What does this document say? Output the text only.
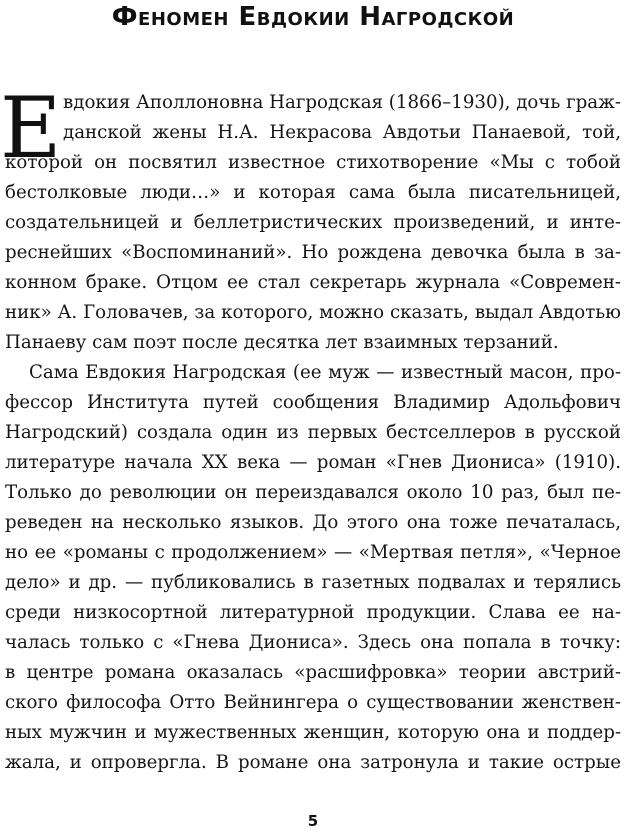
Феномен Евдокии Нагродской
Е вдокия Аполлоновна Нагродская (1866–1930), дочь граж-
данской жены Н.А. Некрасова Авдотьи Панаевой, той,
которой он посвятил известное стихотворение «Мы с тобой
бестолковые люди…» и которая сама была писательницей,
создательницей и беллетристических произведений, и инте-
реснейших «Воспоминаний». Но рождена девочка была в за-
конном браке. Отцом ее стал секретарь журнала «Современ-
ник» А. Головачев, за которого, можно сказать, выдал Авдотью
Панаеву сам поэт после десятка лет взаимных терзаний.
Сама Евдокия Нагродская (ее муж — известный масон, про-
фессор Института путей сообщения Владимир Адольфович
Нагродский) создала один из первых бестселлеров в русской
литературе начала XX века — роман «Гнев Диониса» (1910).
Только до революции он переиздавался около 10 раз, был пе-
реведен на несколько языков. До этого она тоже печаталась,
но ее «романы с продолжением» — «Мертвая петля», «Черное
дело» и др. — публиковались в газетных подвалах и терялись
среди низкосортной литературной продукции. Слава ее на-
чалась только с «Гнева Диониса». Здесь она попала в точку:
в центре романа оказалась «расшифровка» теории австрий-
ского философа Отто Вейнингера о существовании женствен-
ных мужчин и мужественных женщин, которую она и поддер-
жала, и опровергла. В романе она затронула и такие острые
5
